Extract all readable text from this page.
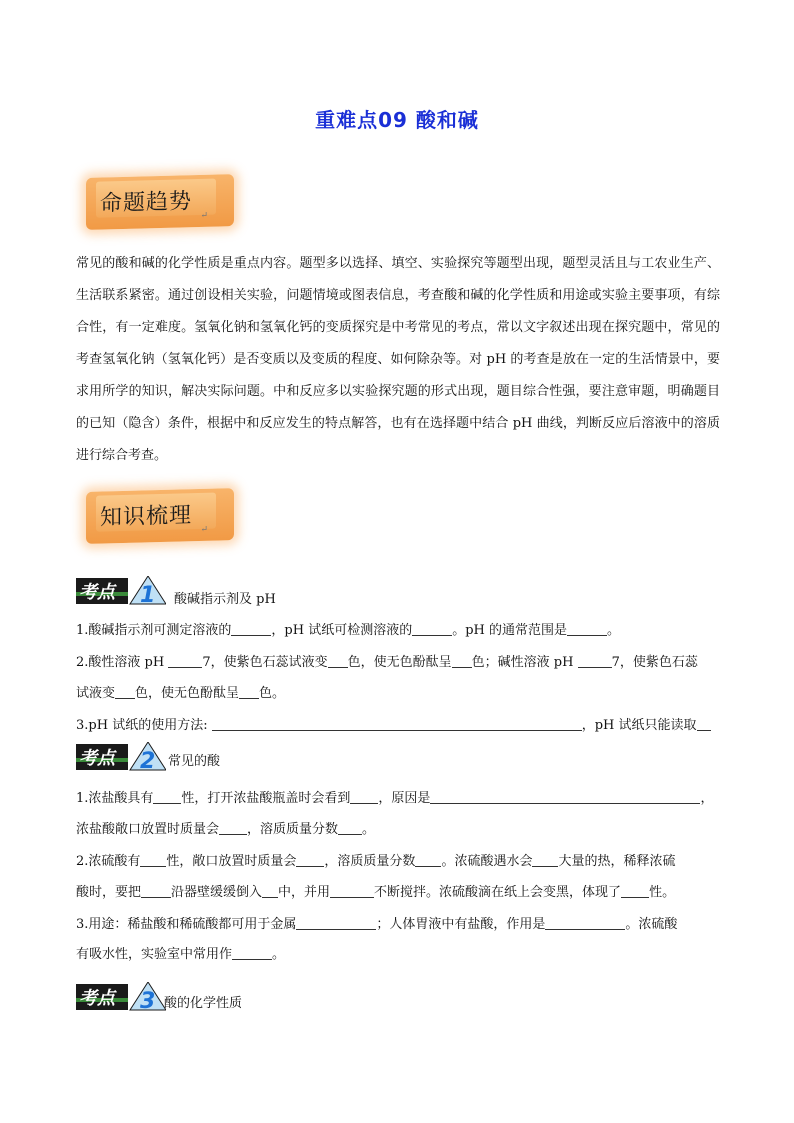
重难点09 酸和碱
命题趋势 ↵
常见的酸和碱的化学性质是重点内容。题型多以选择、填空、实验探究等题型出现，题型灵活且与工农业生产、生活联系紧密。通过创设相关实验，问题情境或图表信息，考查酸和碱的化学性质和用途或实验主要事项，有综合性，有一定难度。氢氧化钠和氢氧化钙的变质探究是中考常见的考点，常以文字叙述出现在探究题中，常见的考查氢氧化钠（氢氧化钙）是否变质以及变质的程度、如何除杂等。对 pH 的考查是放在一定的生活情景中，要求用所学的知识，解决实际问题。中和反应多以实验探究题的形式出现，题目综合性强，要注意审题，明确题目的已知（隐含）条件，根据中和反应发生的特点解答，也有在选择题中结合 pH 曲线，判断反应后溶液中的溶质进行综合考查。
知识梳理 ↵
考点 1 酸碱指示剂及 pH
1.酸碱指示剂可测定溶液的	，pH 试纸可检测溶液的	。pH 的通常范围是	。
2.酸性溶液 pH	7，使紫色石蕊试液变 色，使无色酚酞呈 色；碱性溶液 pH	7，使紫色石蕊
试液变 色，使无色酚酞呈 色。
3.pH 试纸的使用方法:	，pH 试纸只能读取
考点 2 常见的酸
1.浓盐酸具有 性，打开浓盐酸瓶盖时会看到 ，原因是	，
浓盐酸敞口放置时质量会 ，溶质质量分数 。
2.浓硫酸有 性，敞口放置时质量会 ，溶质质量分数 。浓硫酸遇水会 大量的热，稀释浓硫
酸时，要把 沿器壁缓缓倒入 中，并用	不断搅拌。浓硫酸滴在纸上会变黑，体现了 性。
3.用途：稀盐酸和稀硫酸都可用于金属	；人体胃液中有盐酸，作用是	。浓硫酸
有吸水性，实验室中常用作	。
考点 3 酸的化学性质
